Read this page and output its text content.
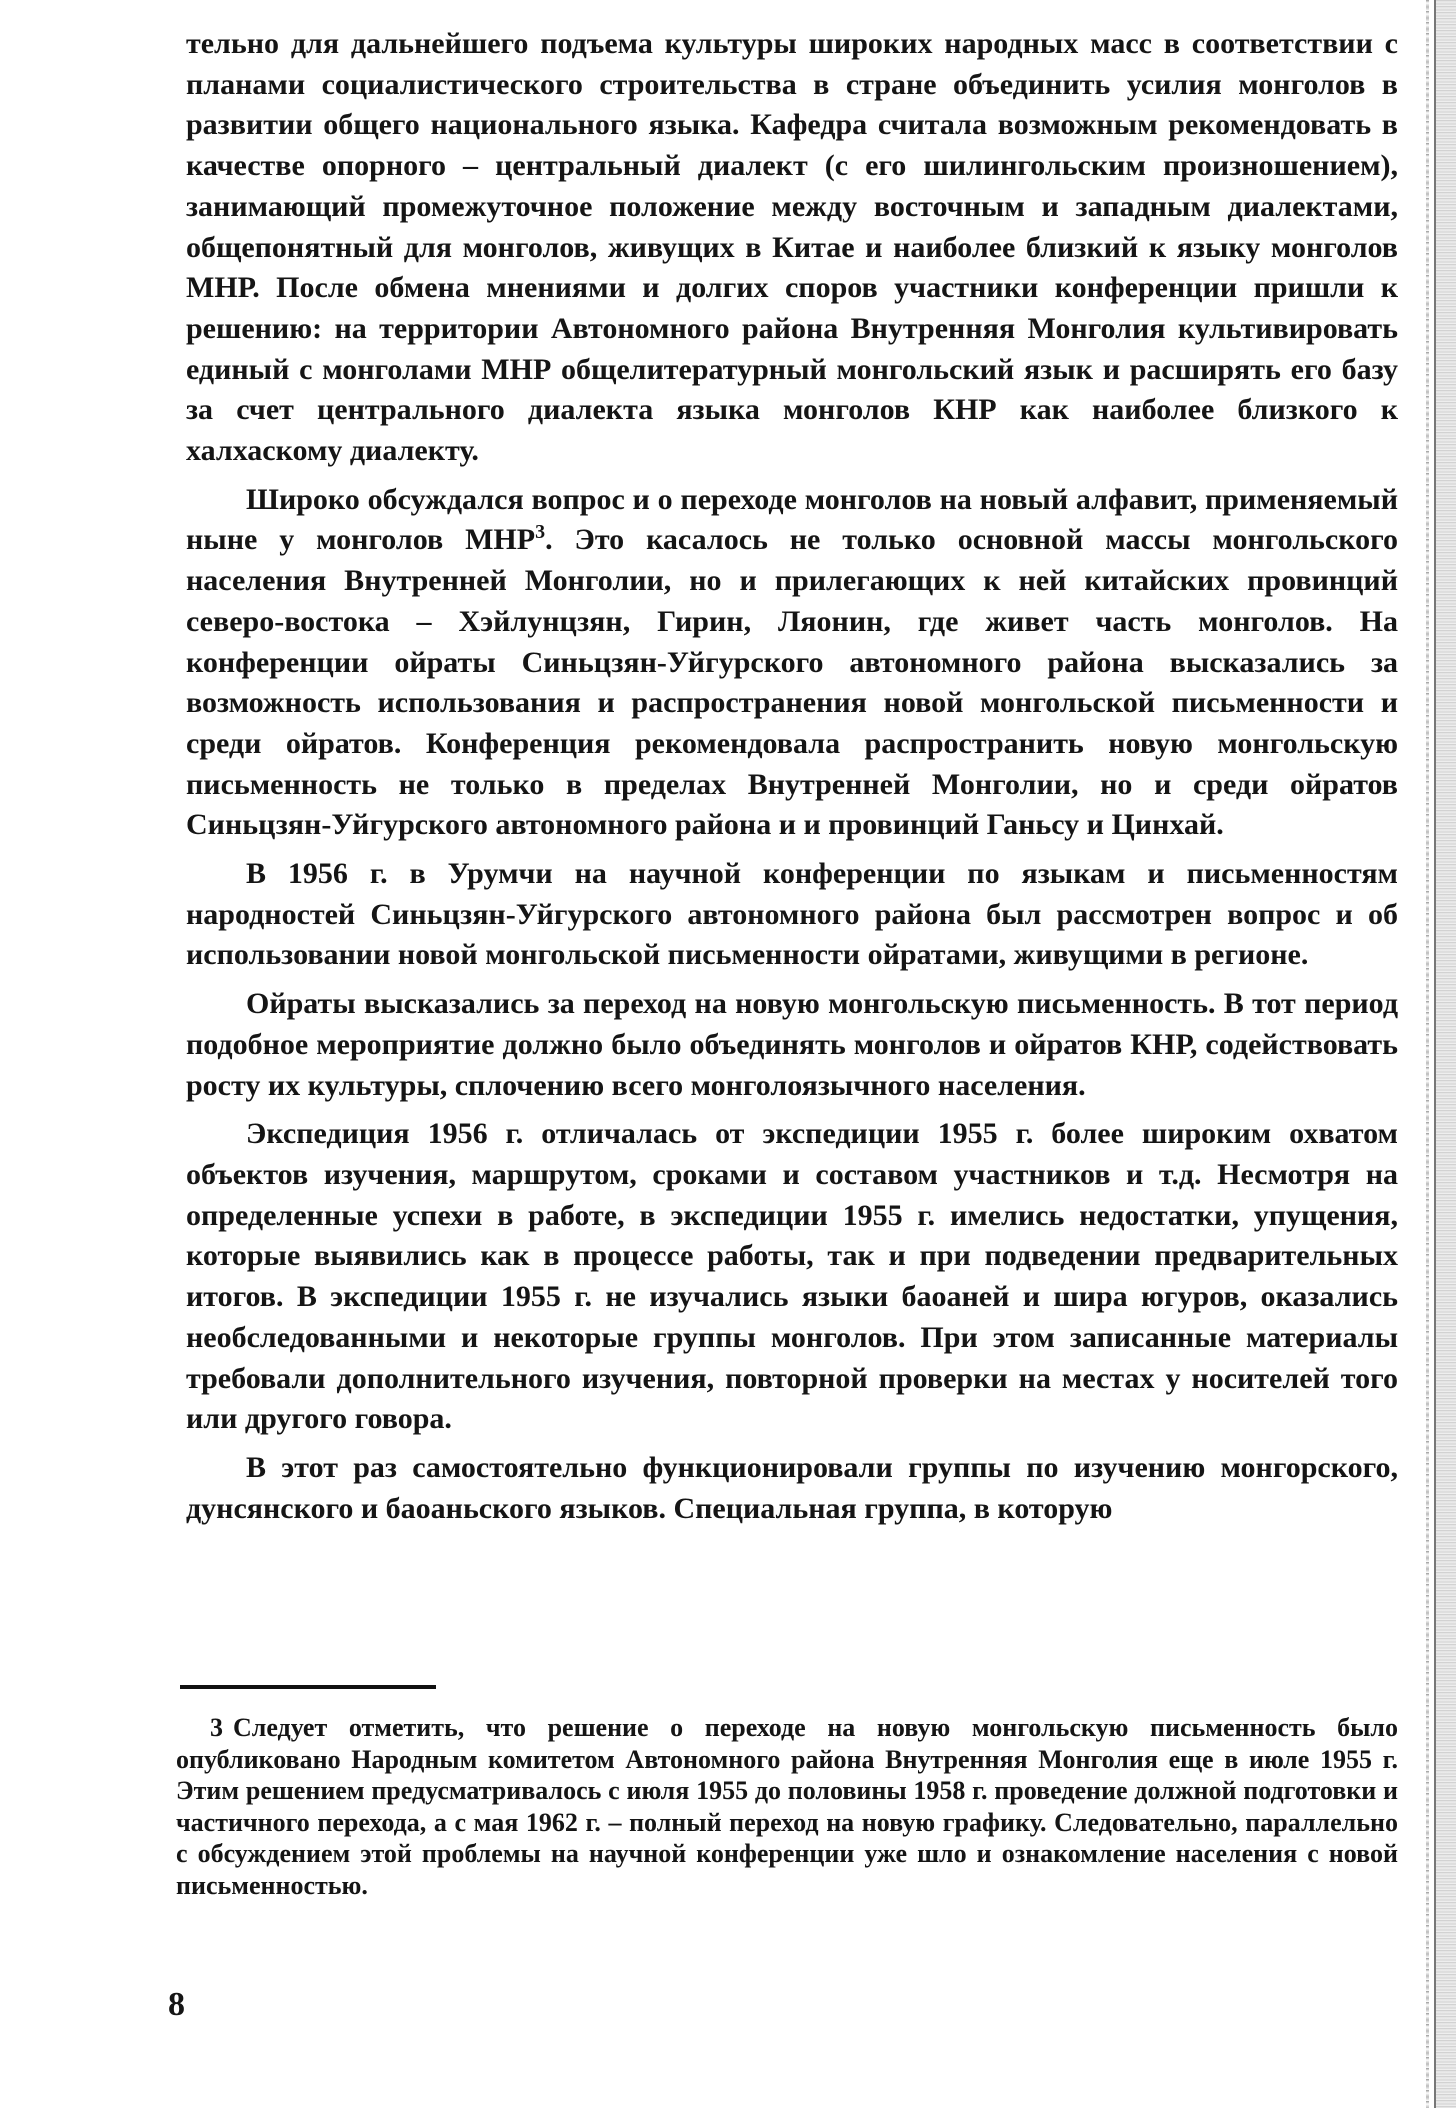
тельно для дальнейшего подъема культуры широких народных масс в соответствии с планами социалистического строительства в стране объединить усилия монголов в развитии общего национального языка. Кафедра считала возможным рекомендовать в качестве опорного – центральный диалект (с его шилингольским произношением), занимающий промежуточное положение между восточным и западным диалектами, общепонятный для монголов, живущих в Китае и наиболее близкий к языку монголов МНР. После обмена мнениями и долгих споров участники конференции пришли к решению: на территории Автономного района Внутренняя Монголия культивировать единый с монголами МНР общелитературный монгольский язык и расширять его базу за счет центрального диалекта языка монголов КНР как наиболее близкого к халхаскому диалекту.

Широко обсуждался вопрос и о переходе монголов на новый алфавит, применяемый ныне у монголов МНР$^3$. Это касалось не только основной массы монгольского населения Внутренней Монголии, но и прилегающих к ней китайских провинций северо-востока – Хэйлунцзян, Гирин, Ляонин, где живет часть монголов. На конференции ойраты Синьцзян-Уйгурского автономного района высказались за возможность использования и распространения новой монгольской письменности и среди ойратов. Конференция рекомендовала распространить новую монгольскую письменность не только в пределах Внутренней Монголии, но и среди ойратов Синьцзян-Уйгурского автономного района и и провинций Ганьсу и Цинхай.

В 1956 г. в Урумчи на научной конференции по языкам и письменностям народностей Синьцзян-Уйгурского автономного района был рассмотрен вопрос и об использовании новой монгольской письменности ойратами, живущими в регионе.

Ойраты высказались за переход на новую монгольскую письменность. В тот период подобное мероприятие должно было объединять монголов и ойратов КНР, содействовать росту их культуры, сплочению всего монголоязычного населения.

Экспедиция 1956 г. отличалась от экспедиции 1955 г. более широким охватом объектов изучения, маршрутом, сроками и составом участников и т.д. Несмотря на определенные успехи в работе, в экспедиции 1955 г. имелись недостатки, упущения, которые выявились как в процессе работы, так и при подведении предварительных итогов. В экспедиции 1955 г. не изучались языки баоаней и шира югуров, оказались необследованными и некоторые группы монголов. При этом записанные материалы требовали дополнительного изучения, повторной проверки на местах у носителей того или другого говора.

В этот раз самостоятельно функционировали группы по изучению монгорского, дунсянского и баоаньского языков. Специальная группа, в которую

3 Следует отметить, что решение о переходе на новую монгольскую письменность было опубликовано Народным комитетом Автономного района Внутренняя Монголия еще в июле 1955 г. Этим решением предусматривалось с июля 1955 до половины 1958 г. проведение должной подготовки и частичного перехода, а с мая 1962 г. – полный переход на новую графику. Следовательно, параллельно с обсуждением этой проблемы на научной конференции уже шло и ознакомление населения с новой письменностью.

8
